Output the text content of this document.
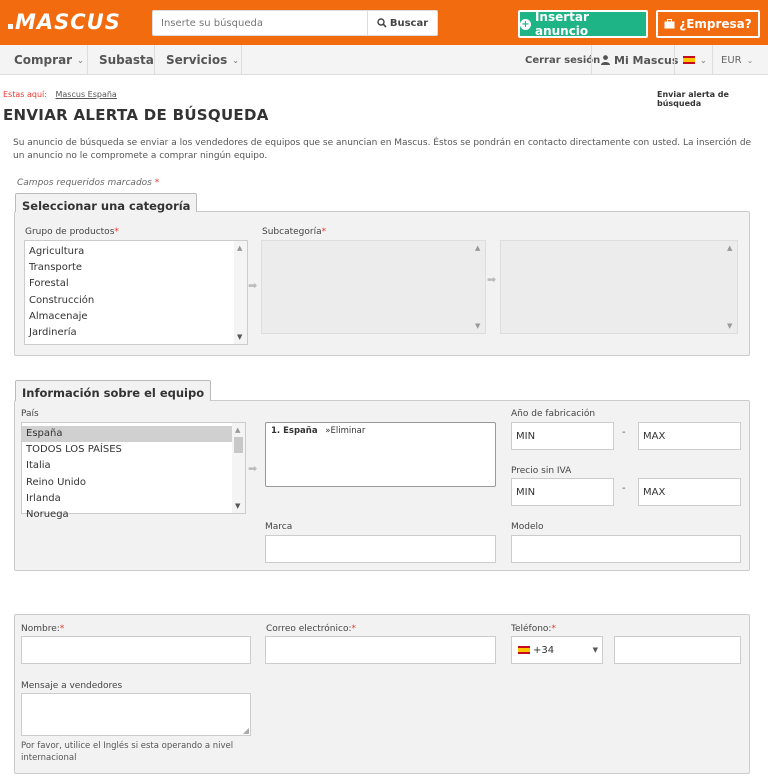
MASCUS
Inserte su búsqueda	Buscar	+ Insertar anuncio	¿Empresa?
Comprar ⌄ Subasta Servicios ⌄	Cerrar sesión Mi Mascus	⌄ EUR ⌄
Estas aquí: Mascus España	Enviar alerta de búsqueda
ENVIAR ALERTA DE BÚSQUEDA
Su anuncio de búsqueda se enviar a los vendedores de equipos que se anuncian en Mascus. Éstos se pondrán en contacto directamente con usted. La inserción de un anuncio no le compromete a comprar ningún equipo.
Campos requeridos marcados *
Seleccionar una categoría
Grupo de productos*	Subcategoría*
Agricultura
Transporte
Forestal
Construcción
Almacenaje
Jardinería
▲
▼
➡
▲
▼
➡
▲
▼
Información sobre el equipo
País
España
TODOS LOS PAÍSES
Italia
Reino Unido
Irlanda
Noruega
▲
▼
➡
1. España »Eliminar
Año de fabricación
MIN	-	MAX
Precio sin IVA
MIN	-	MAX
Marca	Modelo
Nombre:*	Correo electrónico:*	Teléfono:*
+34	▼
Mensaje a vendedores
◢
Por favor, utilice el Inglés si esta operando a nivel internacional
